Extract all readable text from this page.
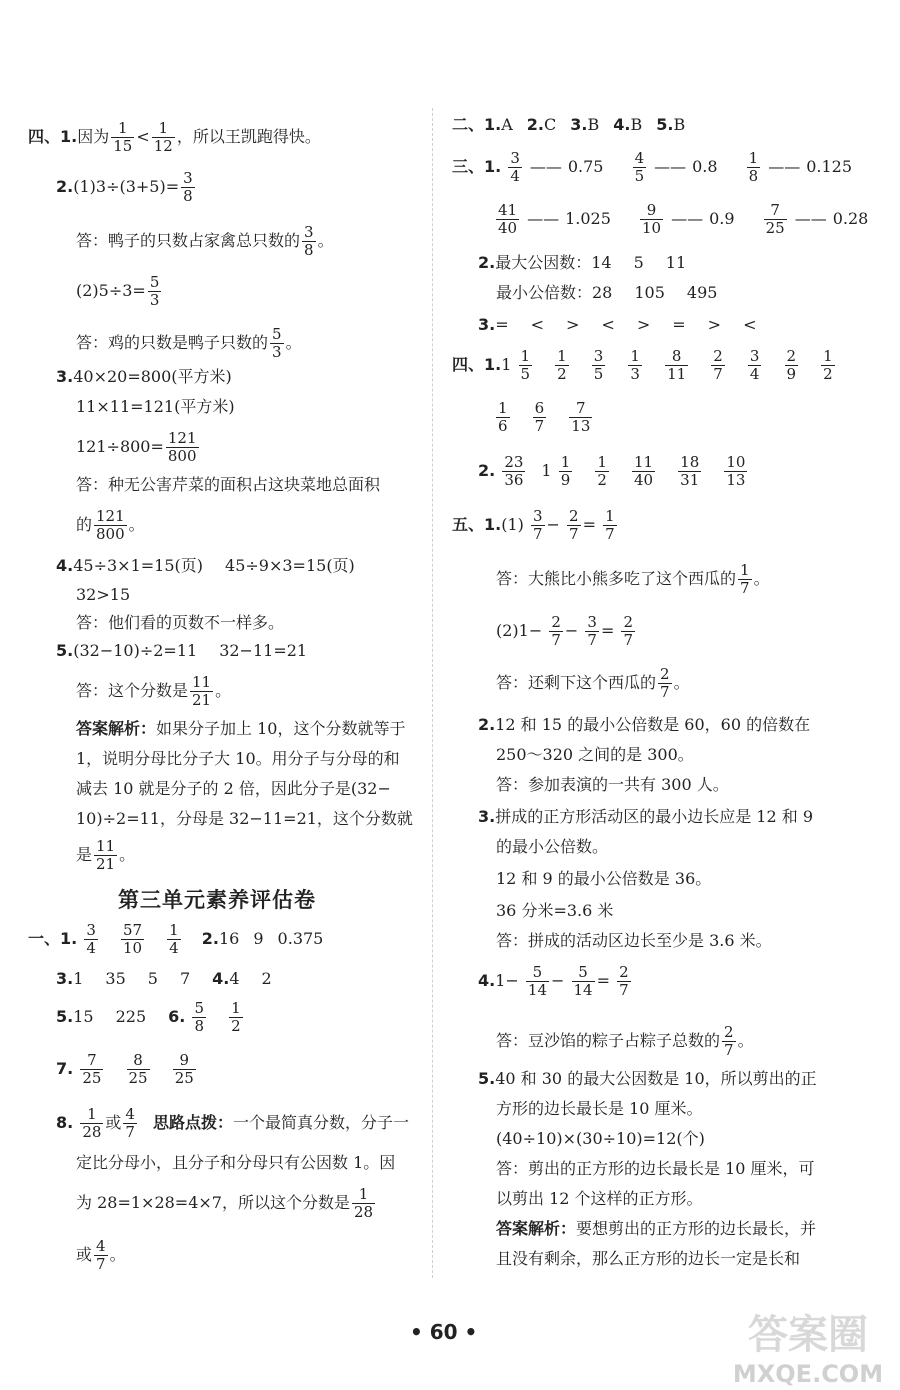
四、1.因为 $\frac{1}{15} < \frac{1}{12}$ ，所以王凯跑得快。
$2.(1)3\div(3+5)= \frac{3}{8}$
答：鸭子的只数占家禽总只数的 $\frac{3}{8}$ 。
$(2)5\div 3= \frac{5}{3}$
答：鸡的只数是鸭子只数的 $\frac{5}{3}$ 。
3.40×20=800(平方米)
11×11=121(平方米)
$121\div 800= \frac{121}{800}$
答：种无公害芹菜的面积占这块菜地总面积
的 $\frac{121}{800}$ 。
4.45÷3×1=15(页) 45÷9×3=15(页)
32>15
答：他们看的页数不一样多。
5.(32−10)÷2=11 32−11=21
答：这个分数是 $\frac{11}{21}$ 。
答案解析：如果分子加上 10，这个分数就等于
1，说明分母比分子大 10。用分子与分母的和
减去 10 就是分子的 2 倍，因此分子是(32−
10)÷2=11，分母是 32−11=21，这个分数就
是 $\frac{11}{21}$ 。
第三单元素养评估卷
一、1. $\frac{3}{4}$
$\frac{57}{10}$
$\frac{1}{4} 2.16$ 9 0.375
3.1 35 5 7 4.4 2
5.15 225 6. $\frac{5}{8}$
$\frac{1}{2}$
7. $\frac{7}{25}$
$\frac{8}{25}$
$\frac{9}{25}$
8. $\frac{1}{28}$ 或 $\frac{4}{7}$ 思路点拨：一个最简真分数，分子一
定比分母小，且分子和分母只有公因数 1。因
为 28=1×28=4×7，所以这个分数是 $\frac{1}{28}$
或 $\frac{4}{7}$ 。
二、1.A 2.C 3.B 4.B 5.B
三、1. $\frac{3}{4}$ —— $0.75 \frac{4}{5}$ —— $0.8 \frac{1}{8}$ —— 0.125
$\frac{41}{40}$ —— $1.025 \frac{9}{10}$ —— $0.9 \frac{7}{25}$ —— 0.28
2.最大公因数：14 5 11
最小公倍数：28 105 495
3.= < > < > = > <
四、$1.1 \frac{1}{5}$
$\frac{1}{2}$
$\frac{3}{5}$
$\frac{1}{3}$
$\frac{8}{11}$
$\frac{2}{7}$
$\frac{3}{4}$
$\frac{2}{9}$
$\frac{1}{2}$
$\frac{1}{6}$
$\frac{6}{7}$
$\frac{7}{13}$
2. $\frac{23}{36} 1 \frac{1}{9}$
$\frac{1}{2}$
$\frac{11}{40}$
$\frac{18}{31}$
$\frac{10}{13}$
五、$1.(1) \frac{3}{7} - \frac{2}{7} = \frac{1}{7}$
答：大熊比小熊多吃了这个西瓜的 $\frac{1}{7}$ 。
$(2)1- \frac{2}{7} - \frac{3}{7} = \frac{2}{7}$
答：还剩下这个西瓜的 $\frac{2}{7}$ 。
2.12 和 15 的最小公倍数是 60，60 的倍数在
250～320 之间的是 300。
答：参加表演的一共有 300 人。
3.拼成的正方形活动区的最小边长应是 12 和 9
的最小公倍数。
12 和 9 的最小公倍数是 36。
36 分米=3.6 米
答：拼成的活动区边长至少是 3.6 米。
$4.1- \frac{5}{14} - \frac{5}{14} = \frac{2}{7}$
答：豆沙馅的粽子占粽子总数的 $\frac{2}{7}$ 。
5.40 和 30 的最大公因数是 10，所以剪出的正
方形的边长最长是 10 厘米。
(40÷10)×(30÷10)=12(个)
答：剪出的正方形的边长最长是 10 厘米，可
以剪出 12 个这样的正方形。
答案解析：要想剪出的正方形的边长最长，并
且没有剩余，那么正方形的边长一定是长和
• 60 •	答案圈
MXQE.COM
